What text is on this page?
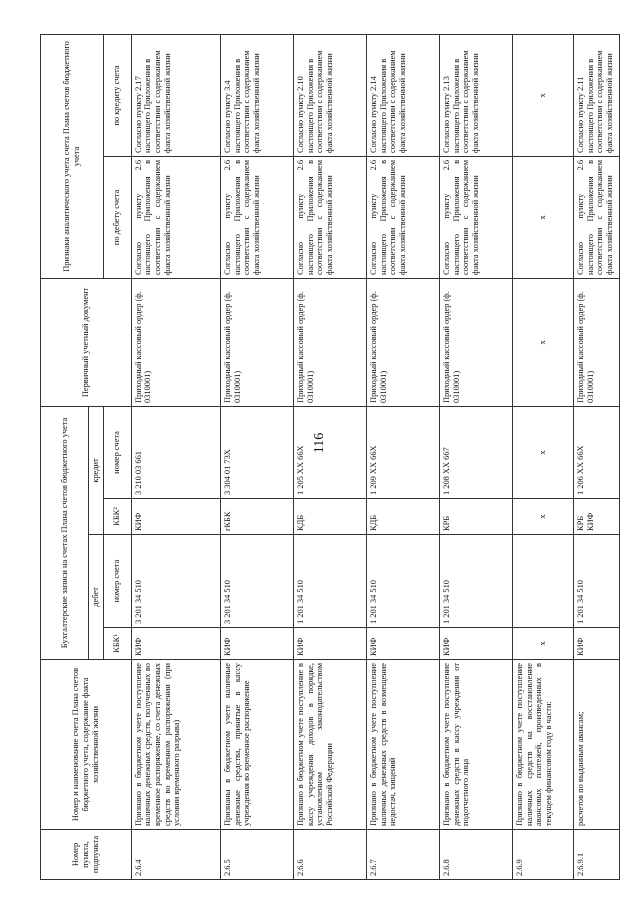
116
Номер пункта, подпункта	Номер и наименование счета Плана счетов бюджетного учета, содержание факта хозяйственной жизни	Бухгалтерские записи на счетах Плана счетов бюджетного учета				Первичный учетный документ	Признаки аналитического учета счета Плана счетов бюджетного учета	
		дебет		кредит				
		КБК¹	номер счета	КБК²	номер счета		по дебету счета	по кредиту счета

2.6.4	Признано в бюджетном учете поступление наличных денежных средств, полученных во временное распоряжение, со счета денежных средств во временном распоряжении (при условии временного разрыва)	КИФ	3 201 34 510	КИФ	3 210 03 661	Приходный кассовый ордер (ф. 0310001)	Согласно пункту 2.6 настоящего Приложения в соответствии с содержанием факта хозяйственной жизни	Согласно пункту 2.17 настоящего Приложения в соответствии с содержанием факта хозяйственной жизни
2.6.5	Признаны в бюджетном учете наличные денежные средства, принятые в кассу учреждения во временное распоряжение	КИФ	3 201 34 510	гКБК	3 304 01 73Х	Приходный кассовый ордер (ф. 0310001)	Согласно пункту 2.6 настоящего Приложения в соответствии с содержанием факта хозяйственной жизни	Согласно пункту 3.4 настоящего Приложения в соответствии с содержанием факта хозяйственной жизни
2.6.6	Признано в бюджетном учете поступление в кассу учреждения доходов в порядке, установленном законодательством Российской Федерации	КИФ	1 201 34 510	КДБ	1 205 ХХ 66Х	Приходный кассовый ордер (ф. 0310001)	Согласно пункту 2.6 настоящего Приложения в соответствии с содержанием факта хозяйственной жизни	Согласно пункту 2.10 настоящего Приложения в соответствии с содержанием факта хозяйственной жизни
2.6.7	Признано в бюджетном учете поступление наличных денежных средств в возмещение недостач, хищений	КИФ	1 201 34 510	КДБ	1 209 ХХ 66Х	Приходный кассовый ордер (ф. 0310001)	Согласно пункту 2.6 настоящего Приложения в соответствии с содержанием факта хозяйственной жизни	Согласно пункту 2.14 настоящего Приложения в соответствии с содержанием факта хозяйственной жизни
2.6.8	Признано в бюджетном учете поступление денежных средств в кассу учреждения от подотчетного лица	КИФ	1 201 34 510	КРБ	1 208 ХХ 667	Приходный кассовый ордер (ф. 0310001)	Согласно пункту 2.6 настоящего Приложения в соответствии с содержанием факта хозяйственной жизни	Согласно пункту 2.13 настоящего Приложения в соответствии с содержанием факта хозяйственной жизни
2.6.9	Признано в бюджетном учете поступление наличных средств на восстановление авансовых платежей, произведенных в текущем финансовом году в части:	х		х	х	х	х	х
2.6.9.1	расчетов по выданным авансам;	КИФ	1 201 34 510	КРБ КИФ	1 206 ХХ 66Х	Приходный кассовый ордер (ф. 0310001)	Согласно пункту 2.6 настоящего Приложения в соответствии с содержанием факта хозяйственной жизни	Согласно пункту 2.11 настоящего Приложения в соответствии с содержанием факта хозяйственной жизни
